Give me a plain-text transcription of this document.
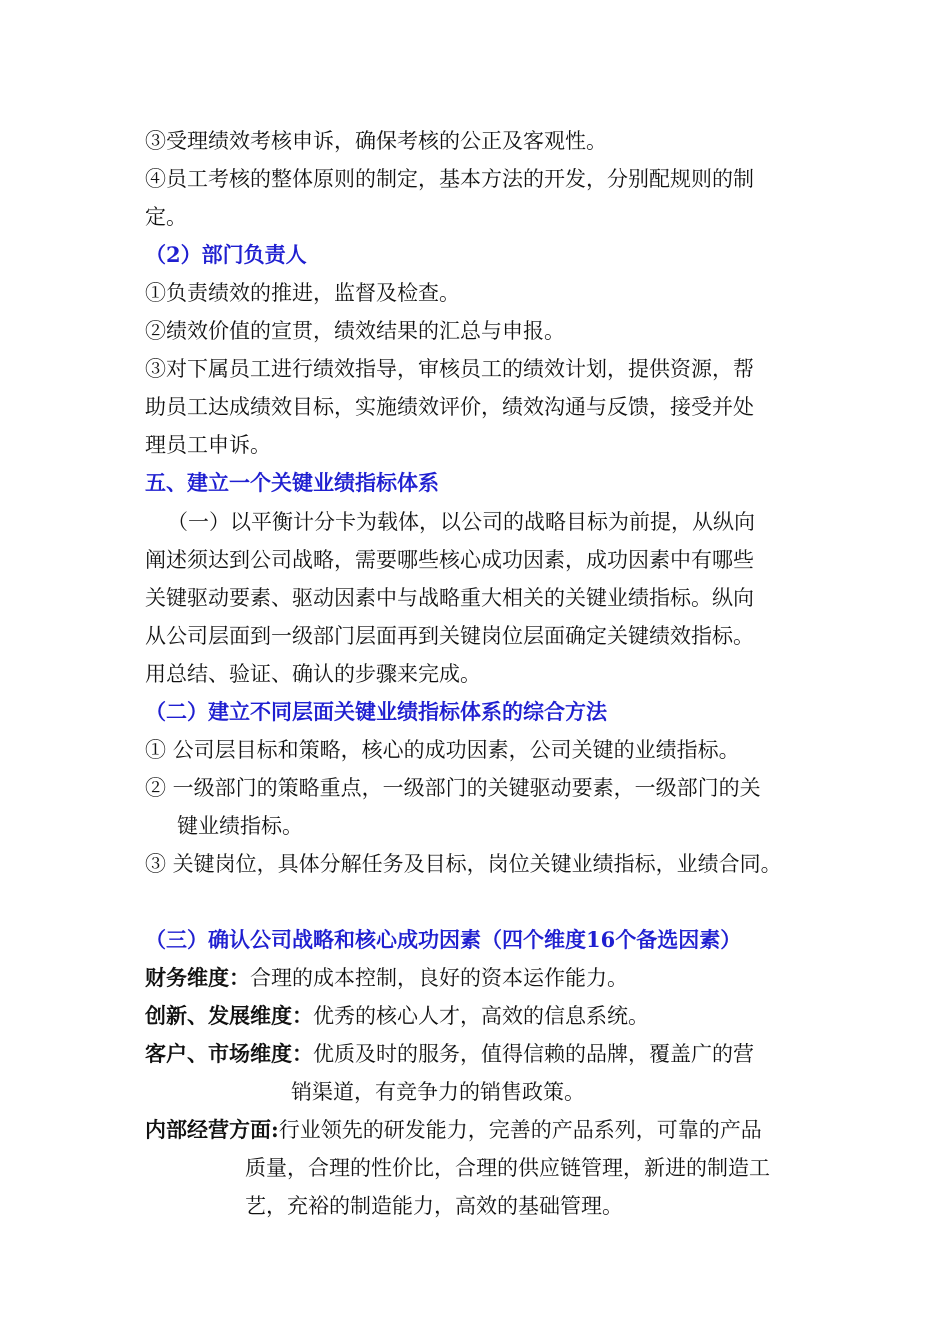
③受理绩效考核申诉，确保考核的公正及客观性。
④员工考核的整体原则的制定，基本方法的开发，分别配规则的制
定。
（2）部门负责人
①负责绩效的推进，监督及检查。
②绩效价值的宣贯，绩效结果的汇总与申报。
③对下属员工进行绩效指导，审核员工的绩效计划，提供资源，帮
助员工达成绩效目标，实施绩效评价，绩效沟通与反馈，接受并处
理员工申诉。
五、建立一个关键业绩指标体系
（一）以平衡计分卡为载体，以公司的战略目标为前提，从纵向
阐述须达到公司战略，需要哪些核心成功因素，成功因素中有哪些
关键驱动要素、驱动因素中与战略重大相关的关键业绩指标。纵向
从公司层面到一级部门层面再到关键岗位层面确定关键绩效指标。
用总结、验证、确认的步骤来完成。
（二）建立不同层面关键业绩指标体系的综合方法
① 公司层目标和策略，核心的成功因素，公司关键的业绩指标。
② 一级部门的策略重点，一级部门的关键驱动要素，一级部门的关
键业绩指标。
③ 关键岗位，具体分解任务及目标，岗位关键业绩指标，业绩合同。
（三）确认公司战略和核心成功因素（四个维度16个备选因素）
财务维度：合理的成本控制，良好的资本运作能力。
创新、发展维度：优秀的核心人才，高效的信息系统。
客户、市场维度：优质及时的服务，值得信赖的品牌，覆盖广的营
销渠道，有竞争力的销售政策。
内部经营方面:行业领先的研发能力，完善的产品系列，可靠的产品
质量，合理的性价比，合理的供应链管理，新进的制造工
艺，充裕的制造能力，高效的基础管理。
